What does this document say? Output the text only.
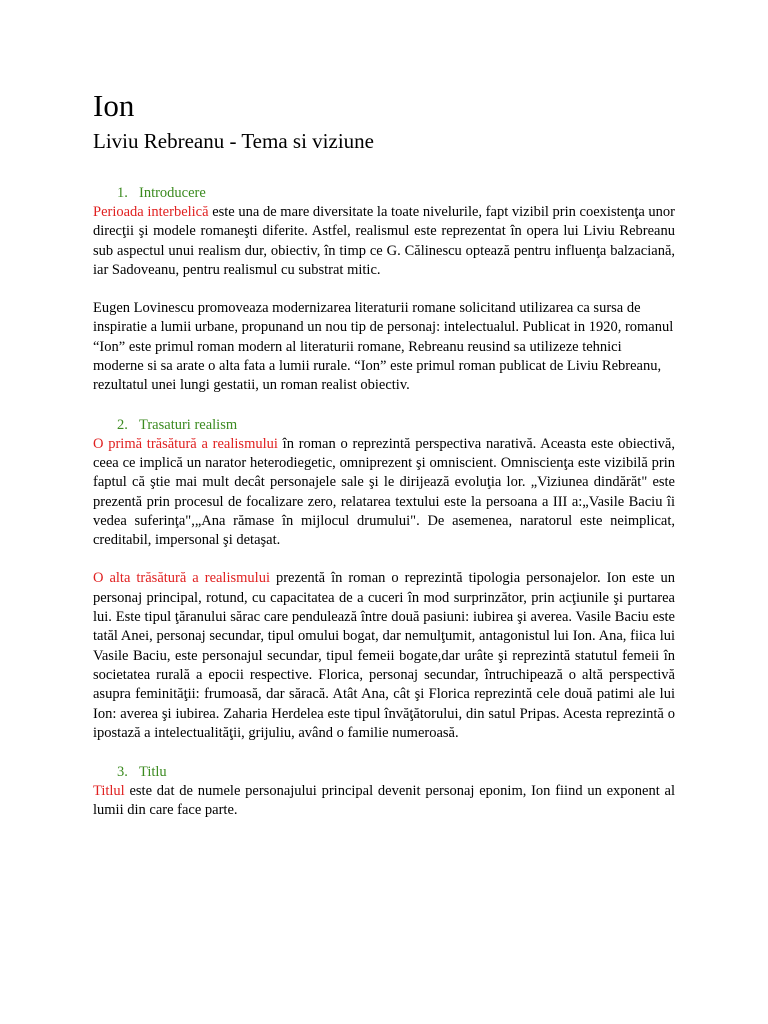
Ion
Liviu Rebreanu - Tema si viziune
1. Introducere

Perioada interbelică este una de mare diversitate la toate nivelurile, fapt vizibil prin coexistenţa unor direcţii şi modele romaneşti diferite. Astfel, realismul este reprezentat în opera lui Liviu Rebreanu sub aspectul unui realism dur, obiectiv, în timp ce G. Călinescu optează pentru influenţa balzaciană, iar Sadoveanu, pentru realismul cu substrat mitic.

Eugen Lovinescu promoveaza modernizarea literaturii romane solicitand utilizarea ca sursa de inspiratie a lumii urbane, propunand un nou tip de personaj: intelectualul. Publicat in 1920, romanul “Ion” este primul roman modern al literaturii romane, Rebreanu reusind sa utilizeze tehnici moderne si sa arate o alta fata a lumii rurale. “Ion” este primul roman publicat de Liviu Rebreanu, rezultatul unei lungi gestatii, un roman realist obiectiv.

2. Trasaturi realism

O primă trăsătură a realismului în roman o reprezintă perspectiva narativă. Aceasta este obiectivă, ceea ce implică un narator heterodiegetic, omniprezent şi omniscient. Omniscienţa este vizibilă prin faptul că ştie mai mult decât personajele sale şi le dirijează evoluţia lor. „Viziunea dindărăt" este prezentă prin procesul de focalizare zero, relatarea textului este la persoana a III a:„Vasile Baciu îi vedea suferinţa",„Ana rămase în mijlocul drumului". De asemenea, naratorul este neimplicat, creditabil, impersonal şi detaşat.

O alta trăsătură a realismului prezentă în roman o reprezintă tipologia personajelor. Ion este un personaj principal, rotund, cu capacitatea de a cuceri în mod surprinzător, prin acţiunile şi purtarea lui. Este tipul ţăranului sărac care pendulează între două pasiuni: iubirea şi averea. Vasile Baciu este tatăl Anei, personaj secundar, tipul omului bogat, dar nemulţumit, antagonistul lui Ion. Ana, fiica lui Vasile Baciu, este personajul secundar, tipul femeii bogate,dar urâte şi reprezintă statutul femeii în societatea rurală a epocii respective. Florica, personaj secundar, întruchipează o altă perspectivă asupra feminităţii: frumoasă, dar săracă. Atât Ana, cât şi Florica reprezintă cele două patimi ale lui Ion: averea şi iubirea. Zaharia Herdelea este tipul învăţătorului, din satul Pripas. Acesta reprezintă o ipostază a intelectualităţii, grijuliu, având o familie numeroasă.

3. Titlu

Titlul este dat de numele personajului principal devenit personaj eponim, Ion fiind un exponent al lumii din care face parte.
